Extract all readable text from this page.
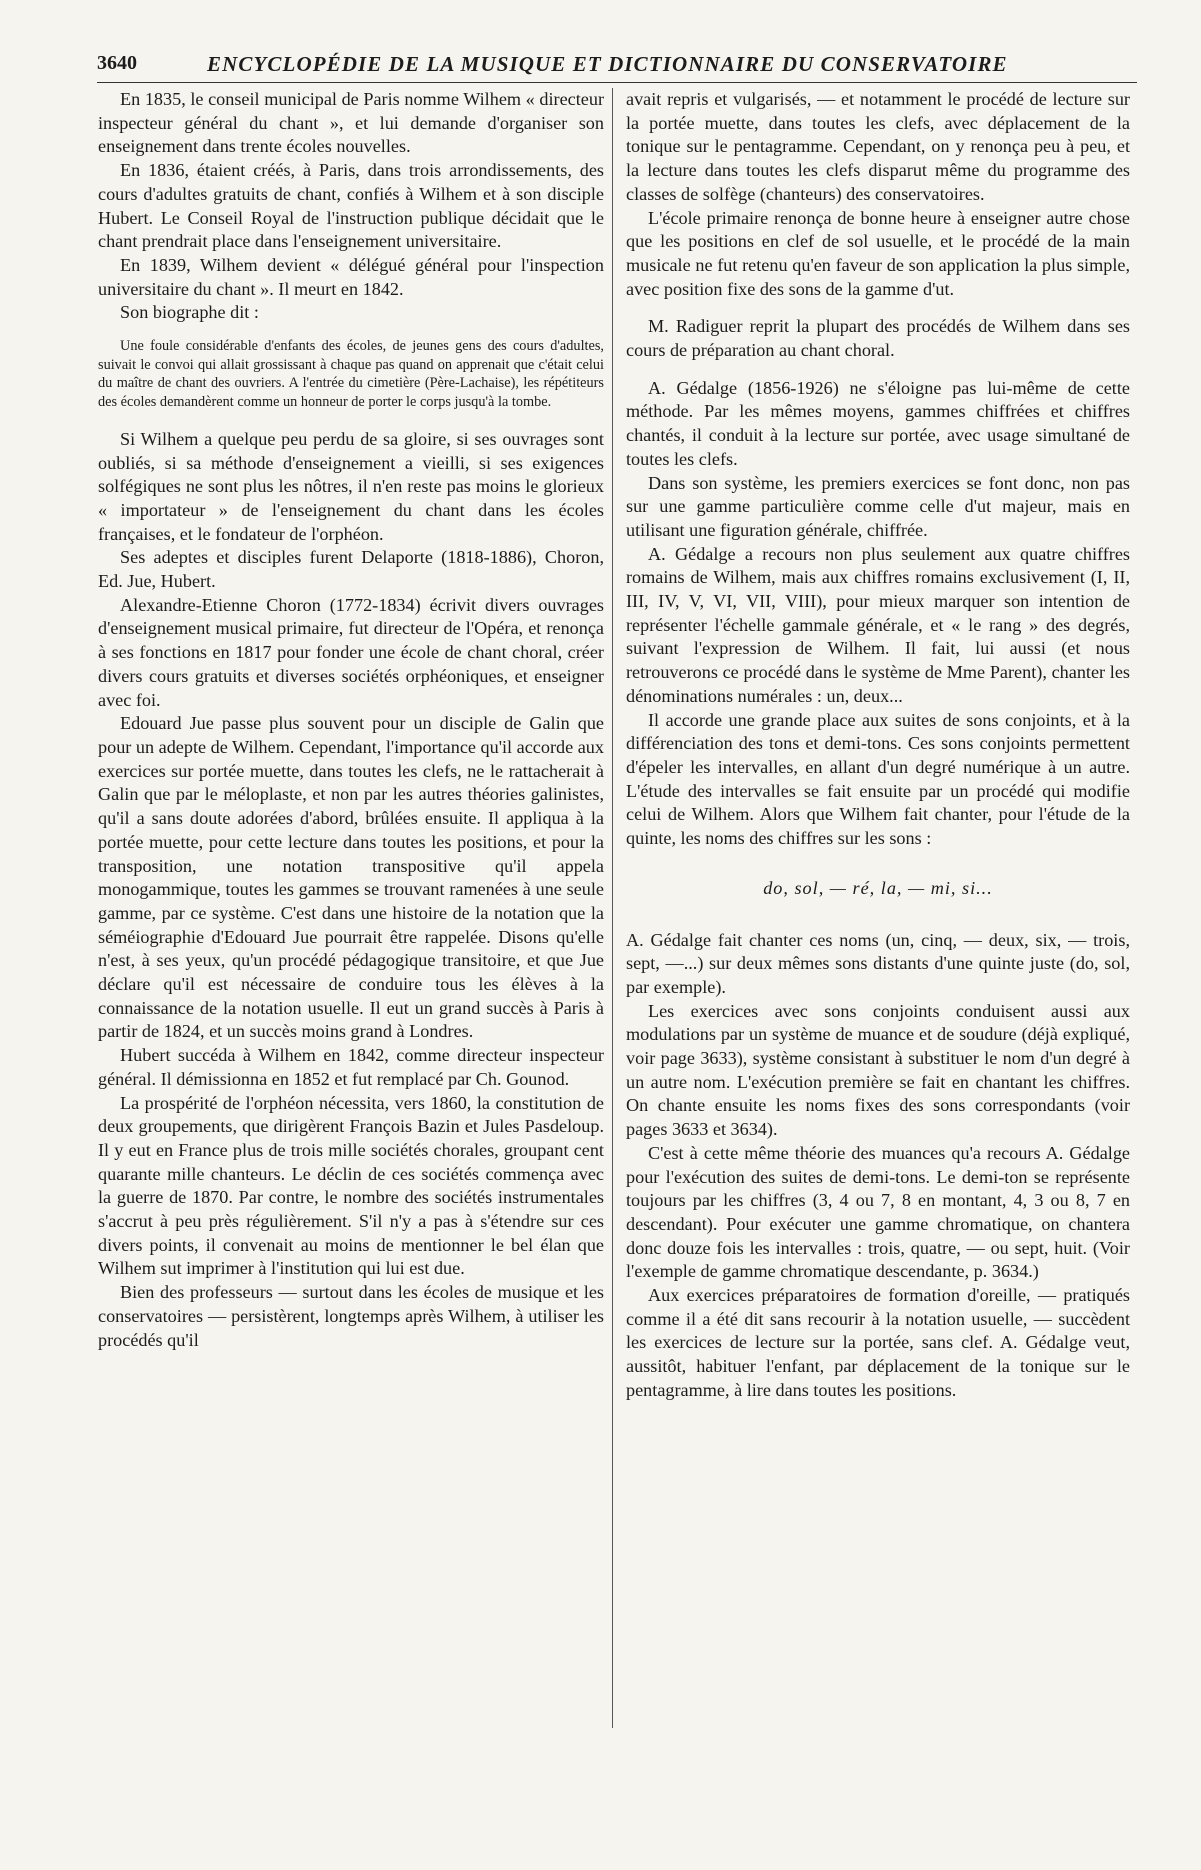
3640	ENCYCLOPÉDIE DE LA MUSIQUE ET DICTIONNAIRE DU CONSERVATOIRE

En 1835, le conseil municipal de Paris nomme Wilhem « directeur inspecteur général du chant », et lui demande d'organiser son enseignement dans trente écoles nouvelles.

En 1836, étaient créés, à Paris, dans trois arrondissements, des cours d'adultes gratuits de chant, confiés à Wilhem et à son disciple Hubert. Le Conseil Royal de l'instruction publique décidait que le chant prendrait place dans l'enseignement universitaire.

En 1839, Wilhem devient « délégué général pour l'inspection universitaire du chant ». Il meurt en 1842.

Son biographe dit :

Une foule considérable d'enfants des écoles, de jeunes gens des cours d'adultes, suivait le convoi qui allait grossissant à chaque pas quand on apprenait que c'était celui du maître de chant des ouvriers. A l'entrée du cimetière (Père-Lachaise), les répétiteurs des écoles demandèrent comme un honneur de porter le corps jusqu'à la tombe.

Si Wilhem a quelque peu perdu de sa gloire, si ses ouvrages sont oubliés, si sa méthode d'enseignement a vieilli, si ses exigences solfégiques ne sont plus les nôtres, il n'en reste pas moins le glorieux « importateur » de l'enseignement du chant dans les écoles françaises, et le fondateur de l'orphéon.

Ses adeptes et disciples furent Delaporte (1818-1886), Choron, Ed. Jue, Hubert.

Alexandre-Etienne Choron (1772-1834) écrivit divers ouvrages d'enseignement musical primaire, fut directeur de l'Opéra, et renonça à ses fonctions en 1817 pour fonder une école de chant choral, créer divers cours gratuits et diverses sociétés orphéoniques, et enseigner avec foi.

Edouard Jue passe plus souvent pour un disciple de Galin que pour un adepte de Wilhem. Cependant, l'importance qu'il accorde aux exercices sur portée muette, dans toutes les clefs, ne le rattacherait à Galin que par le méloplaste, et non par les autres théories galinistes, qu'il a sans doute adorées d'abord, brûlées ensuite. Il appliqua à la portée muette, pour cette lecture dans toutes les positions, et pour la transposition, une notation transpositive qu'il appela monogammique, toutes les gammes se trouvant ramenées à une seule gamme, par ce système. C'est dans une histoire de la notation que la séméiographie d'Edouard Jue pourrait être rappelée. Disons qu'elle n'est, à ses yeux, qu'un procédé pédagogique transitoire, et que Jue déclare qu'il est nécessaire de conduire tous les élèves à la connaissance de la notation usuelle. Il eut un grand succès à Paris à partir de 1824, et un succès moins grand à Londres.

Hubert succéda à Wilhem en 1842, comme directeur inspecteur général. Il démissionna en 1852 et fut remplacé par Ch. Gounod.

La prospérité de l'orphéon nécessita, vers 1860, la constitution de deux groupements, que dirigèrent François Bazin et Jules Pasdeloup. Il y eut en France plus de trois mille sociétés chorales, groupant cent quarante mille chanteurs. Le déclin de ces sociétés commença avec la guerre de 1870. Par contre, le nombre des sociétés instrumentales s'accrut à peu près régulièrement. S'il n'y a pas à s'étendre sur ces divers points, il convenait au moins de mentionner le bel élan que Wilhem sut imprimer à l'institution qui lui est due.

Bien des professeurs — surtout dans les écoles de musique et les conservatoires — persistèrent, longtemps après Wilhem, à utiliser les procédés qu'il

avait repris et vulgarisés, — et notamment le procédé de lecture sur la portée muette, dans toutes les clefs, avec déplacement de la tonique sur le pentagramme. Cependant, on y renonça peu à peu, et la lecture dans toutes les clefs disparut même du programme des classes de solfège (chanteurs) des conservatoires.

L'école primaire renonça de bonne heure à enseigner autre chose que les positions en clef de sol usuelle, et le procédé de la main musicale ne fut retenu qu'en faveur de son application la plus simple, avec position fixe des sons de la gamme d'ut.

M. Radiguer reprit la plupart des procédés de Wilhem dans ses cours de préparation au chant choral.

A. Gédalge (1856-1926) ne s'éloigne pas lui-même de cette méthode. Par les mêmes moyens, gammes chiffrées et chiffres chantés, il conduit à la lecture sur portée, avec usage simultané de toutes les clefs.

Dans son système, les premiers exercices se font donc, non pas sur une gamme particulière comme celle d'ut majeur, mais en utilisant une figuration générale, chiffrée.

A. Gédalge a recours non plus seulement aux quatre chiffres romains de Wilhem, mais aux chiffres romains exclusivement (I, II, III, IV, V, VI, VII, VIII), pour mieux marquer son intention de représenter l'échelle gammale générale, et « le rang » des degrés, suivant l'expression de Wilhem. Il fait, lui aussi (et nous retrouverons ce procédé dans le système de Mme Parent), chanter les dénominations numérales : un, deux...

Il accorde une grande place aux suites de sons conjoints, et à la différenciation des tons et demi-tons. Ces sons conjoints permettent d'épeler les intervalles, en allant d'un degré numérique à un autre. L'étude des intervalles se fait ensuite par un procédé qui modifie celui de Wilhem. Alors que Wilhem fait chanter, pour l'étude de la quinte, les noms des chiffres sur les sons :

do, sol, — ré, la, — mi, si...

A. Gédalge fait chanter ces noms (un, cinq, — deux, six, — trois, sept, —...) sur deux mêmes sons distants d'une quinte juste (do, sol, par exemple).

Les exercices avec sons conjoints conduisent aussi aux modulations par un système de muance et de soudure (déjà expliqué, voir page 3633), système consistant à substituer le nom d'un degré à un autre nom. L'exécution première se fait en chantant les chiffres. On chante ensuite les noms fixes des sons correspondants (voir pages 3633 et 3634).

C'est à cette même théorie des muances qu'a recours A. Gédalge pour l'exécution des suites de demi-tons. Le demi-ton se représente toujours par les chiffres (3, 4 ou 7, 8 en montant, 4, 3 ou 8, 7 en descendant). Pour exécuter une gamme chromatique, on chantera donc douze fois les intervalles : trois, quatre, — ou sept, huit. (Voir l'exemple de gamme chromatique descendante, p. 3634.)

Aux exercices préparatoires de formation d'oreille, — pratiqués comme il a été dit sans recourir à la notation usuelle, — succèdent les exercices de lecture sur la portée, sans clef. A. Gédalge veut, aussitôt, habituer l'enfant, par déplacement de la tonique sur le pentagramme, à lire dans toutes les positions.
